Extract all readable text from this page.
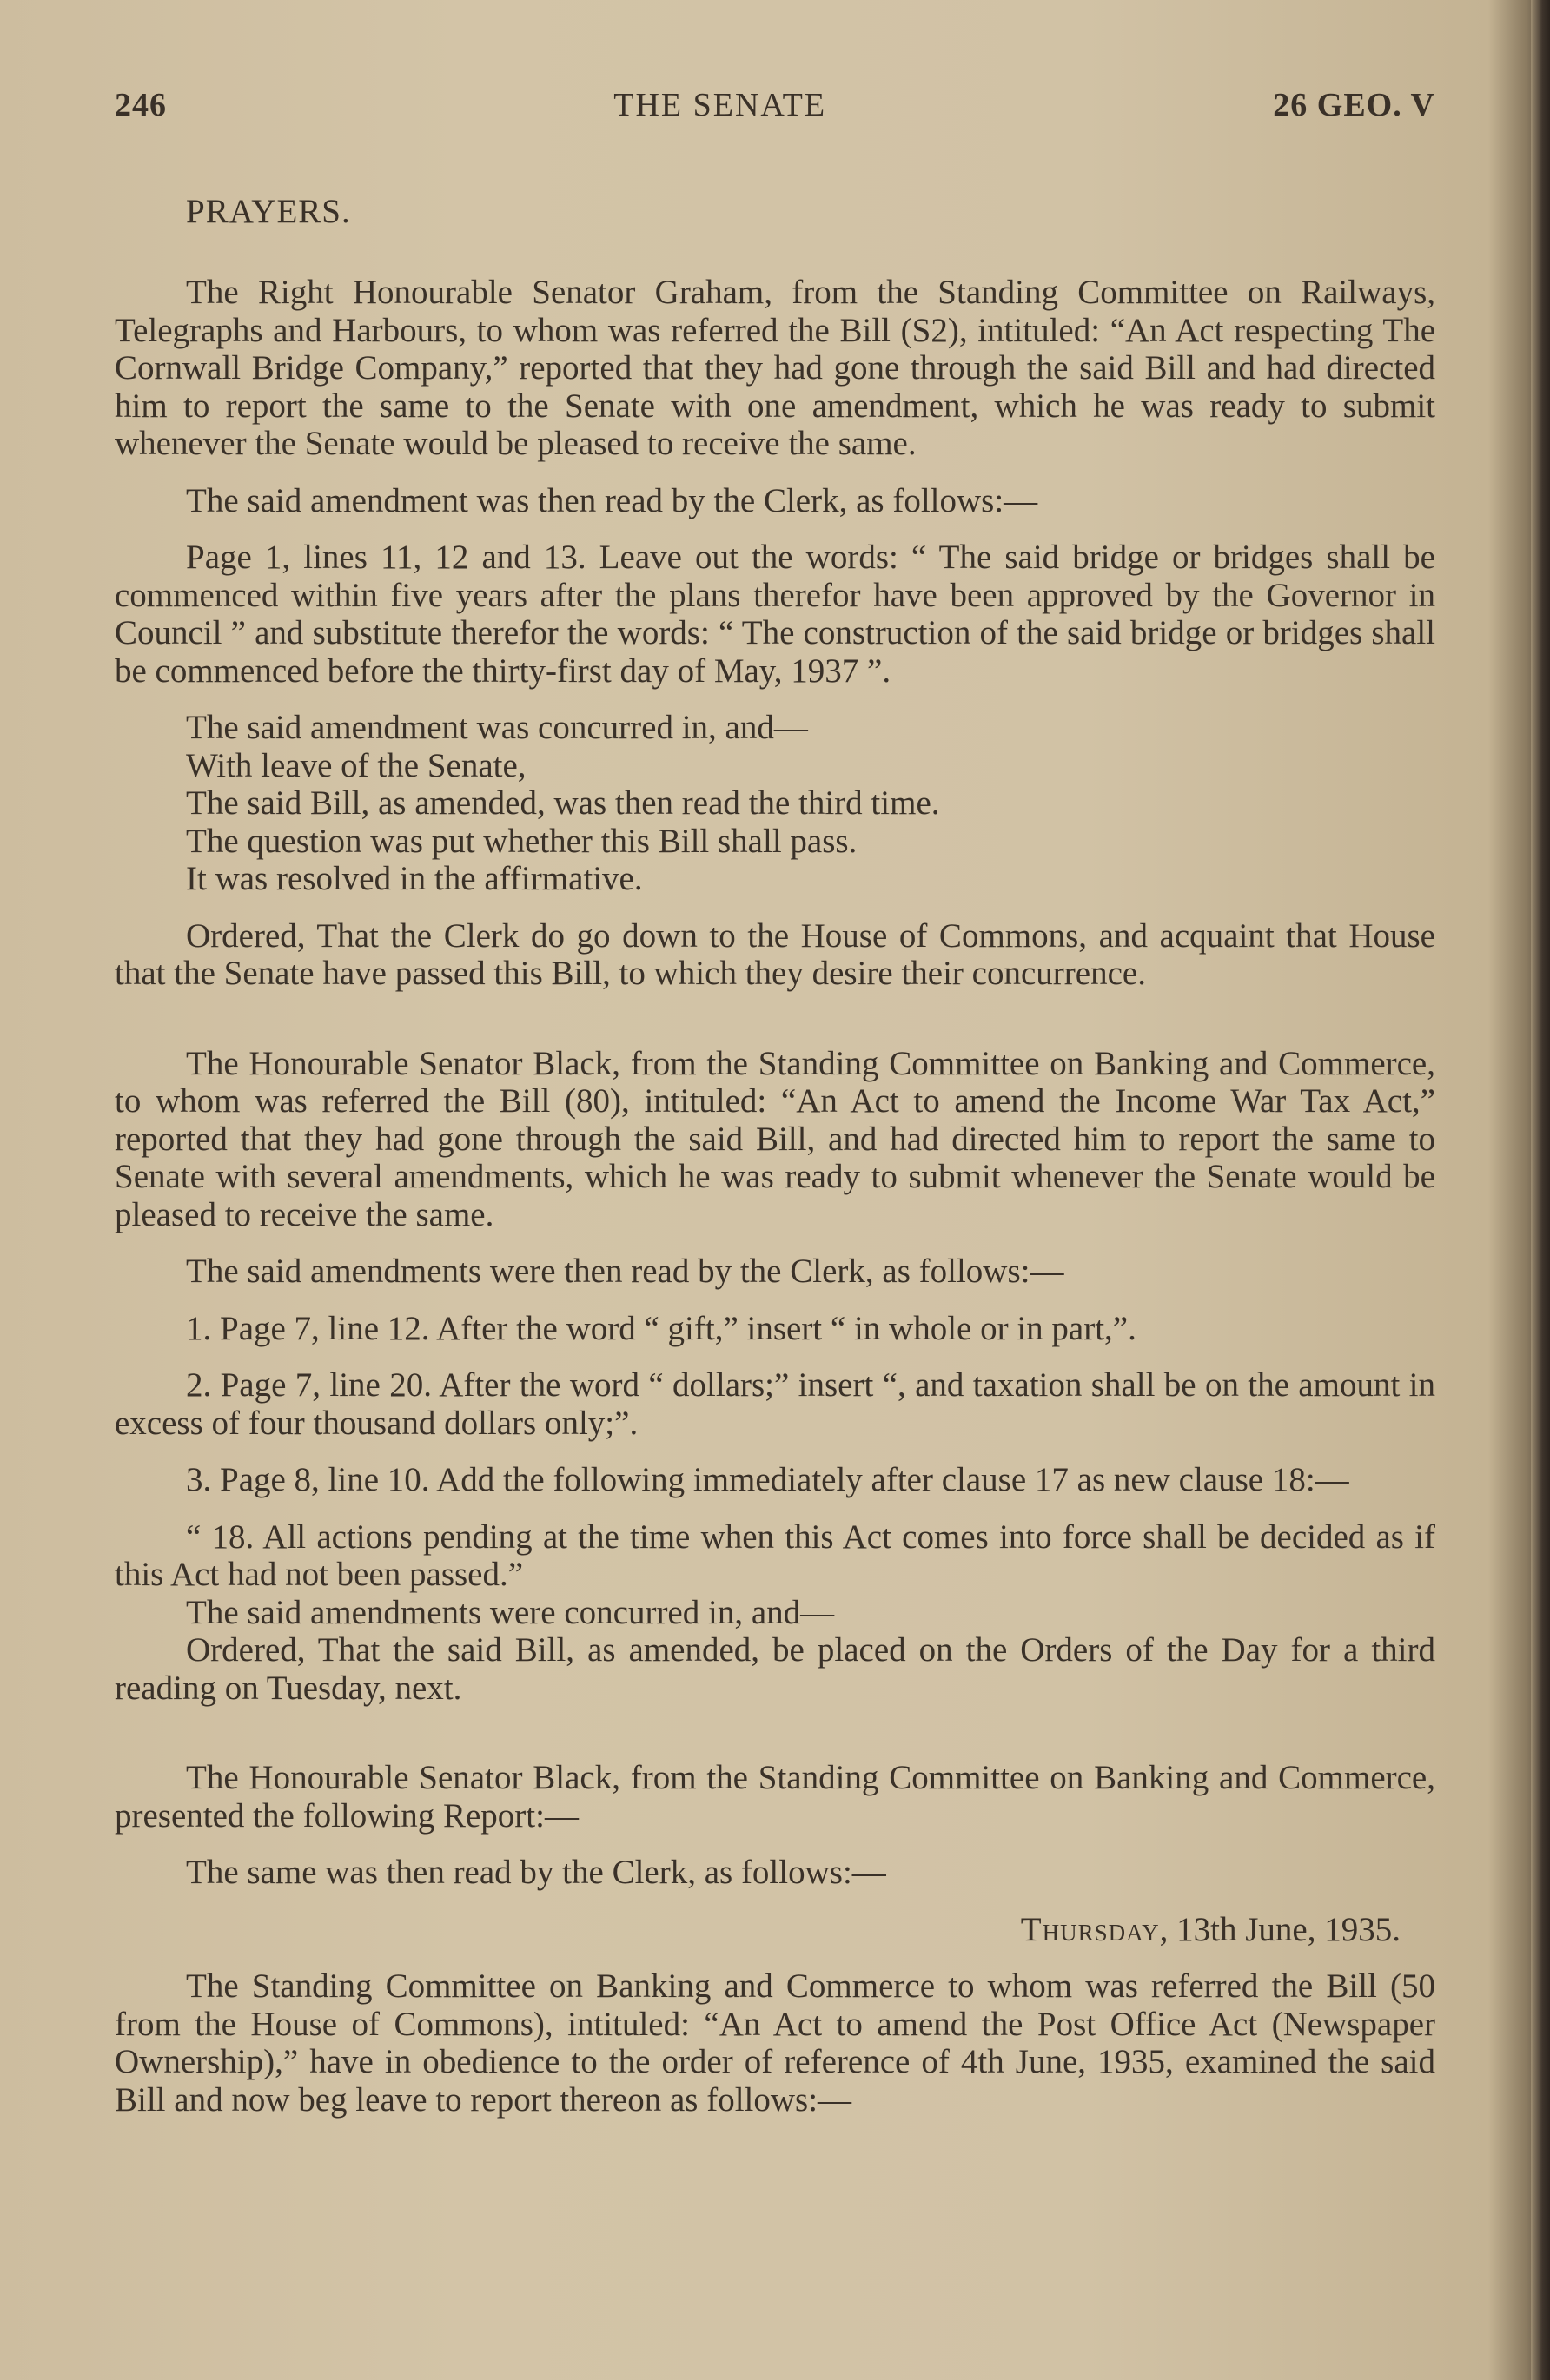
246	THE SENATE	26 GEO. V
PRAYERS.

The Right Honourable Senator Graham, from the Standing Committee on Railways, Telegraphs and Harbours, to whom was referred the Bill (S2), intituled: “An Act respecting The Cornwall Bridge Company,” reported that they had gone through the said Bill and had directed him to report the same to the Senate with one amendment, which he was ready to submit whenever the Senate would be pleased to receive the same.

The said amendment was then read by the Clerk, as follows:—

Page 1, lines 11, 12 and 13. Leave out the words: “ The said bridge or bridges shall be commenced within five years after the plans therefor have been approved by the Governor in Council ” and substitute therefor the words: “ The construction of the said bridge or bridges shall be commenced before the thirty-first day of May, 1937 ”.

The said amendment was concurred in, and—

With leave of the Senate,

The said Bill, as amended, was then read the third time.

The question was put whether this Bill shall pass.

It was resolved in the affirmative.

Ordered, That the Clerk do go down to the House of Commons, and acquaint that House that the Senate have passed this Bill, to which they desire their concurrence.

The Honourable Senator Black, from the Standing Committee on Banking and Commerce, to whom was referred the Bill (80), intituled: “An Act to amend the Income War Tax Act,” reported that they had gone through the said Bill, and had directed him to report the same to Senate with several amendments, which he was ready to submit whenever the Senate would be pleased to receive the same.

The said amendments were then read by the Clerk, as follows:—

1. Page 7, line 12. After the word “ gift,” insert “ in whole or in part,”.

2. Page 7, line 20. After the word “ dollars;” insert “, and taxation shall be on the amount in excess of four thousand dollars only;”.

3. Page 8, line 10. Add the following immediately after clause 17 as new clause 18:—

“ 18. All actions pending at the time when this Act comes into force shall be decided as if this Act had not been passed.”

The said amendments were concurred in, and—

Ordered, That the said Bill, as amended, be placed on the Orders of the Day for a third reading on Tuesday, next.

The Honourable Senator Black, from the Standing Committee on Banking and Commerce, presented the following Report:—

The same was then read by the Clerk, as follows:—

Thursday, 13th June, 1935.

The Standing Committee on Banking and Commerce to whom was referred the Bill (50 from the House of Commons), intituled: “An Act to amend the Post Office Act (Newspaper Ownership),” have in obedience to the order of reference of 4th June, 1935, examined the said Bill and now beg leave to report thereon as follows:—
